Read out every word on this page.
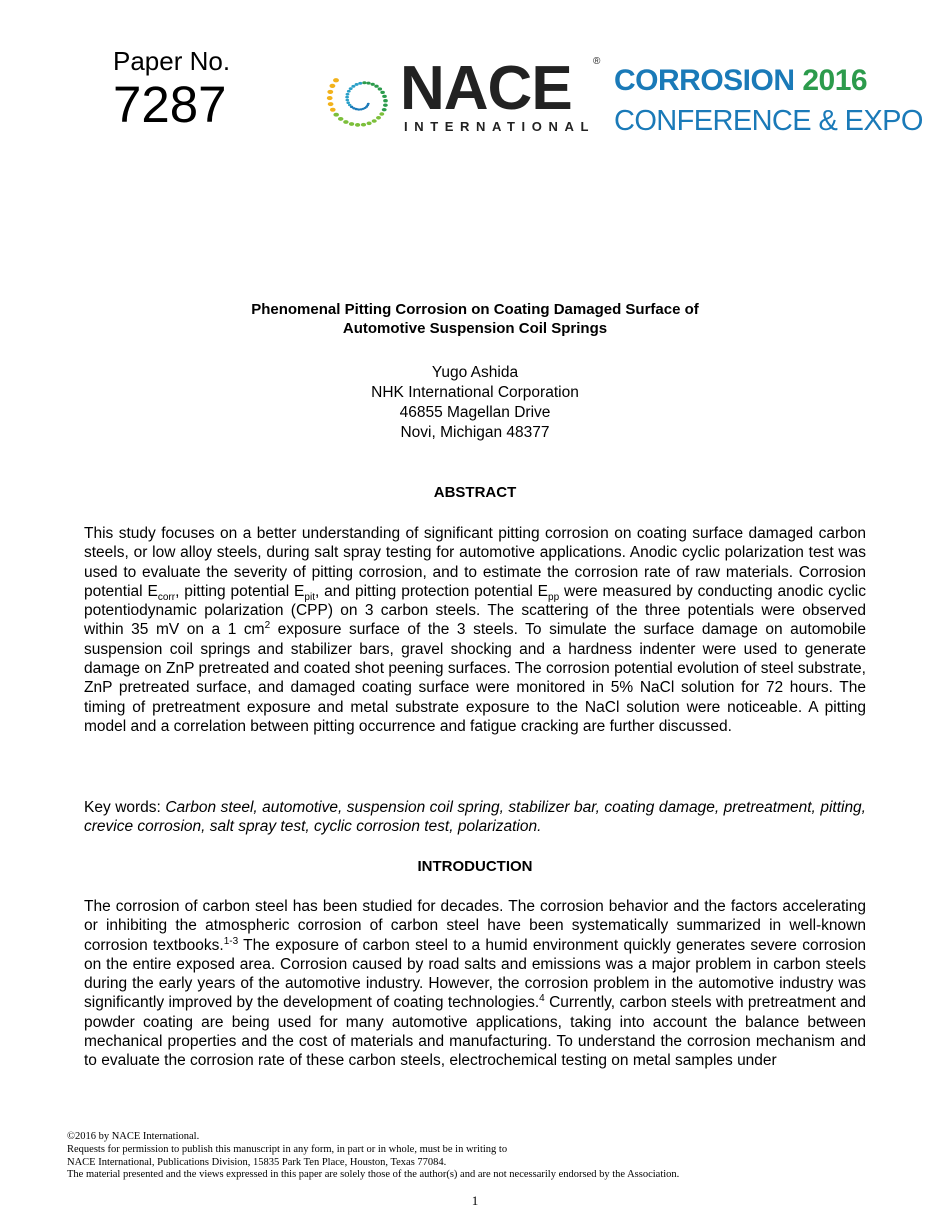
Paper No.
7287	NACE ®
INTERNATIONAL
CORROSION 2016
CONFERENCE & EXPO
Phenomenal Pitting Corrosion on Coating Damaged Surface of
Automotive Suspension Coil Springs
Yugo Ashida
NHK International Corporation
46855 Magellan Drive
Novi, Michigan 48377
ABSTRACT

This study focuses on a better understanding of significant pitting corrosion on coating surface damaged carbon steels, or low alloy steels, during salt spray testing for automotive applications. Anodic cyclic polarization test was used to evaluate the severity of pitting corrosion, and to estimate the corrosion rate of raw materials. Corrosion potential $E_{corr}$, pitting potential $E_{pit}$, and pitting protection potential $E_{pp}$ were measured by conducting anodic cyclic potentiodynamic polarization (CPP) on 3 carbon steels. The scattering of the three potentials were observed within 35 mV on a 1 $cm^2$ exposure surface of the 3 steels. To simulate the surface damage on automobile suspension coil springs and stabilizer bars, gravel shocking and a hardness indenter were used to generate damage on ZnP pretreated and coated shot peening surfaces. The corrosion potential evolution of steel substrate, ZnP pretreated surface, and damaged coating surface were monitored in 5% NaCl solution for 72 hours. The timing of pretreatment exposure and metal substrate exposure to the NaCl solution were noticeable. A pitting model and a correlation between pitting occurrence and fatigue cracking are further discussed.

Key words: Carbon steel, automotive, suspension coil spring, stabilizer bar, coating damage, pretreatment, pitting, crevice corrosion, salt spray test, cyclic corrosion test, polarization.

INTRODUCTION

The corrosion of carbon steel has been studied for decades. The corrosion behavior and the factors accelerating or inhibiting the atmospheric corrosion of carbon steel have been systematically summarized in well-known corrosion textbooks.$^{1-3}$ The exposure of carbon steel to a humid environment quickly generates severe corrosion on the entire exposed area. Corrosion caused by road salts and emissions was a major problem in carbon steels during the early years of the automotive industry. However, the corrosion problem in the automotive industry was significantly improved by the development of coating technologies.$^4$ Currently, carbon steels with pretreatment and powder coating are being used for many automotive applications, taking into account the balance between mechanical properties and the cost of materials and manufacturing. To understand the corrosion mechanism and to evaluate the corrosion rate of these carbon steels, electrochemical testing on metal samples under

©2016 by NACE International.
Requests for permission to publish this manuscript in any form, in part or in whole, must be in writing to
NACE International, Publications Division, 15835 Park Ten Place, Houston, Texas 77084.
The material presented and the views expressed in this paper are solely those of the author(s) and are not necessarily endorsed by the Association.
1
